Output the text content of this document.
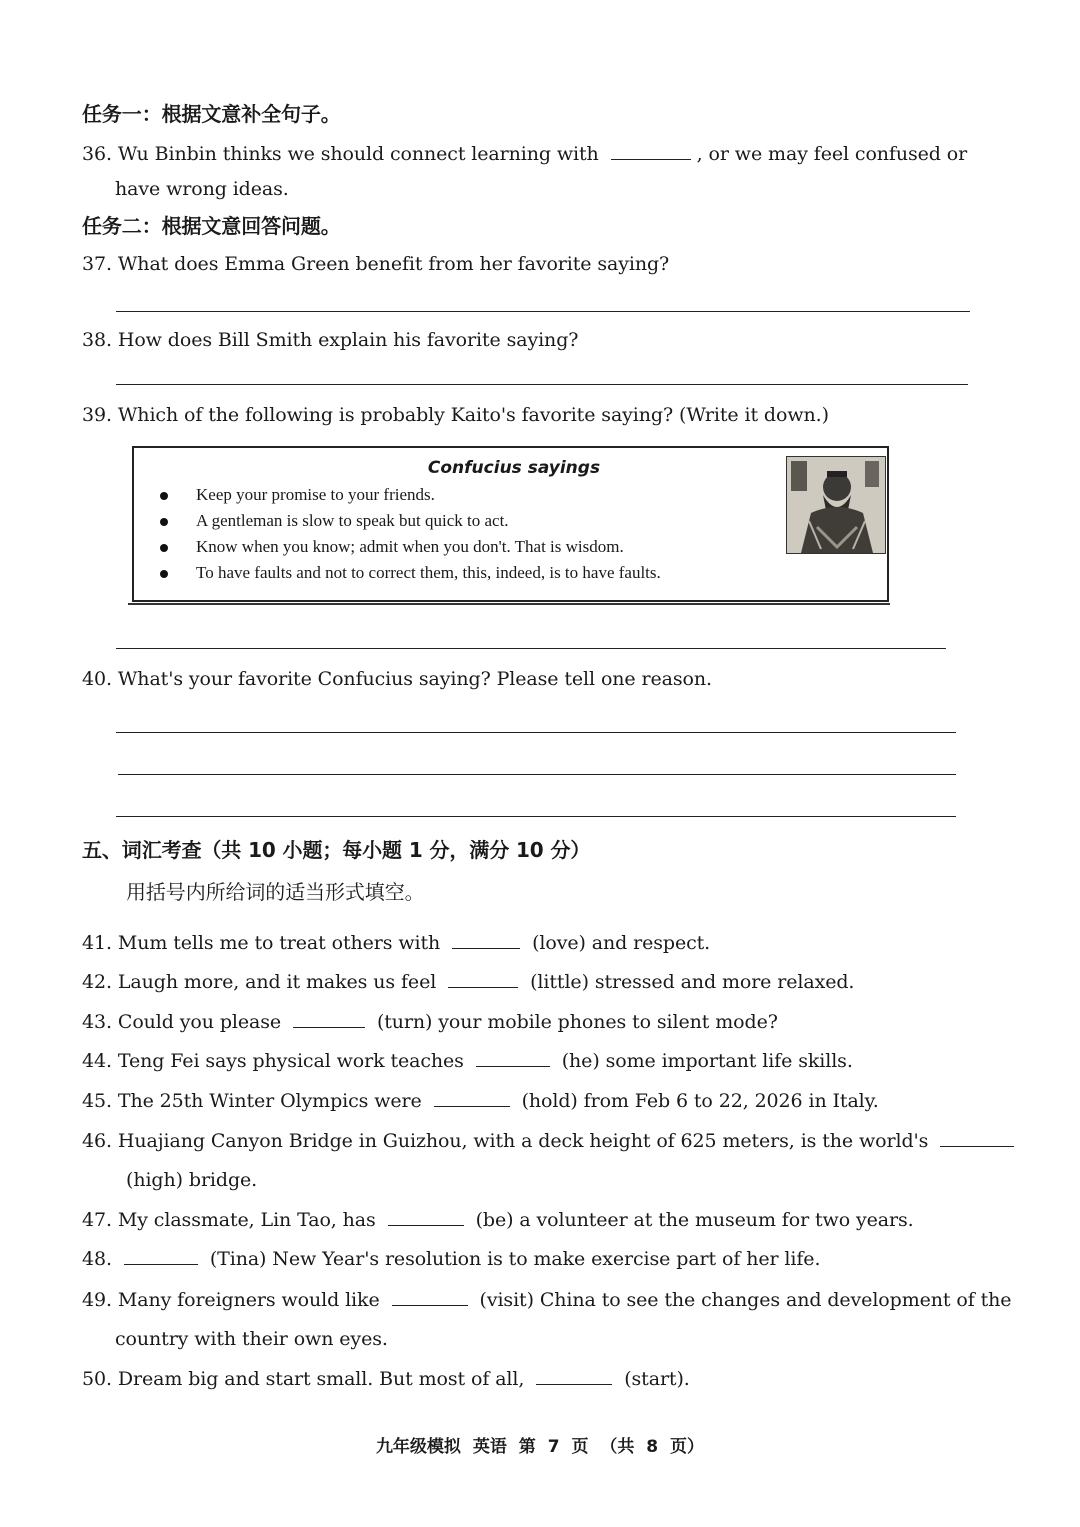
任务一：根据文意补全句子。
36. Wu Binbin thinks we should connect learning with	, or we may feel confused or
have wrong ideas.
任务二：根据文意回答问题。
37. What does Emma Green benefit from her favorite saying?
38. How does Bill Smith explain his favorite saying?
39. Which of the following is probably Kaito's favorite saying? (Write it down.)
Confucius sayings
Keep your promise to your friends.
A gentleman is slow to speak but quick to act.
Know when you know; admit when you don't. That is wisdom.
To have faults and not to correct them, this, indeed, is to have faults.
40. What's your favorite Confucius saying? Please tell one reason.
五、词汇考查（共 10 小题；每小题 1 分，满分 10 分）
用括号内所给词的适当形式填空。
41. Mum tells me to treat others with	(love) and respect.
42. Laugh more, and it makes us feel	(little) stressed and more relaxed.
43. Could you please	(turn) your mobile phones to silent mode?
44. Teng Fei says physical work teaches	(he) some important life skills.
45. The 25th Winter Olympics were	(hold) from Feb 6 to 22, 2026 in Italy.
46. Huajiang Canyon Bridge in Guizhou, with a deck height of 625 meters, is the world's
(high) bridge.
47. My classmate, Lin Tao, has	(be) a volunteer at the museum for two years.
48.	(Tina) New Year's resolution is to make exercise part of her life.
49. Many foreigners would like	(visit) China to see the changes and development of the
country with their own eyes.
50. Dream big and start small. But most of all,	(start).
九年级模拟 英语 第 7 页 （共 8 页）
